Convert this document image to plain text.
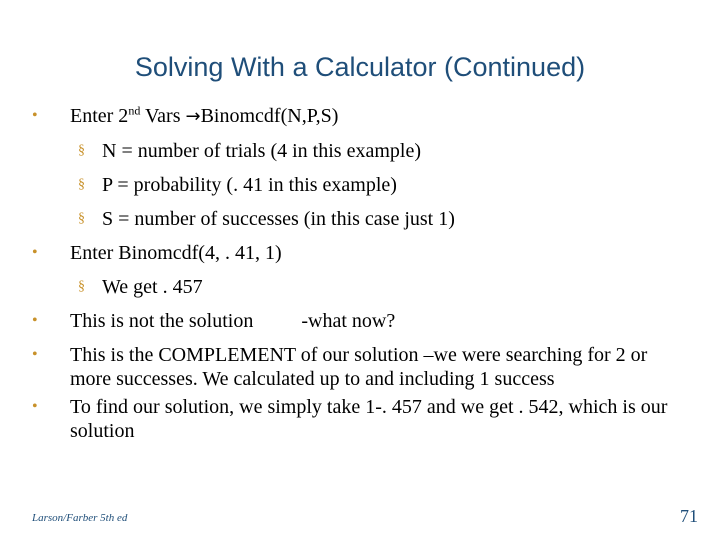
Solving With a Calculator (Continued)
• Enter 2nd Vars →Binomcdf(N,P,S)
§ N = number of trials (4 in this example)
§ P = probability (. 41 in this example)
§ S = number of successes (in this case just 1)
• Enter Binomcdf(4, . 41, 1)
§ We get . 457
• This is not the solution -what now?
• This is the COMPLEMENT of our solution –we were searching for 2 or more successes. We calculated up to and including 1 success
• To find our solution, we simply take 1-. 457 and we get . 542, which is our solution
Larson/Farber 5th ed	71
